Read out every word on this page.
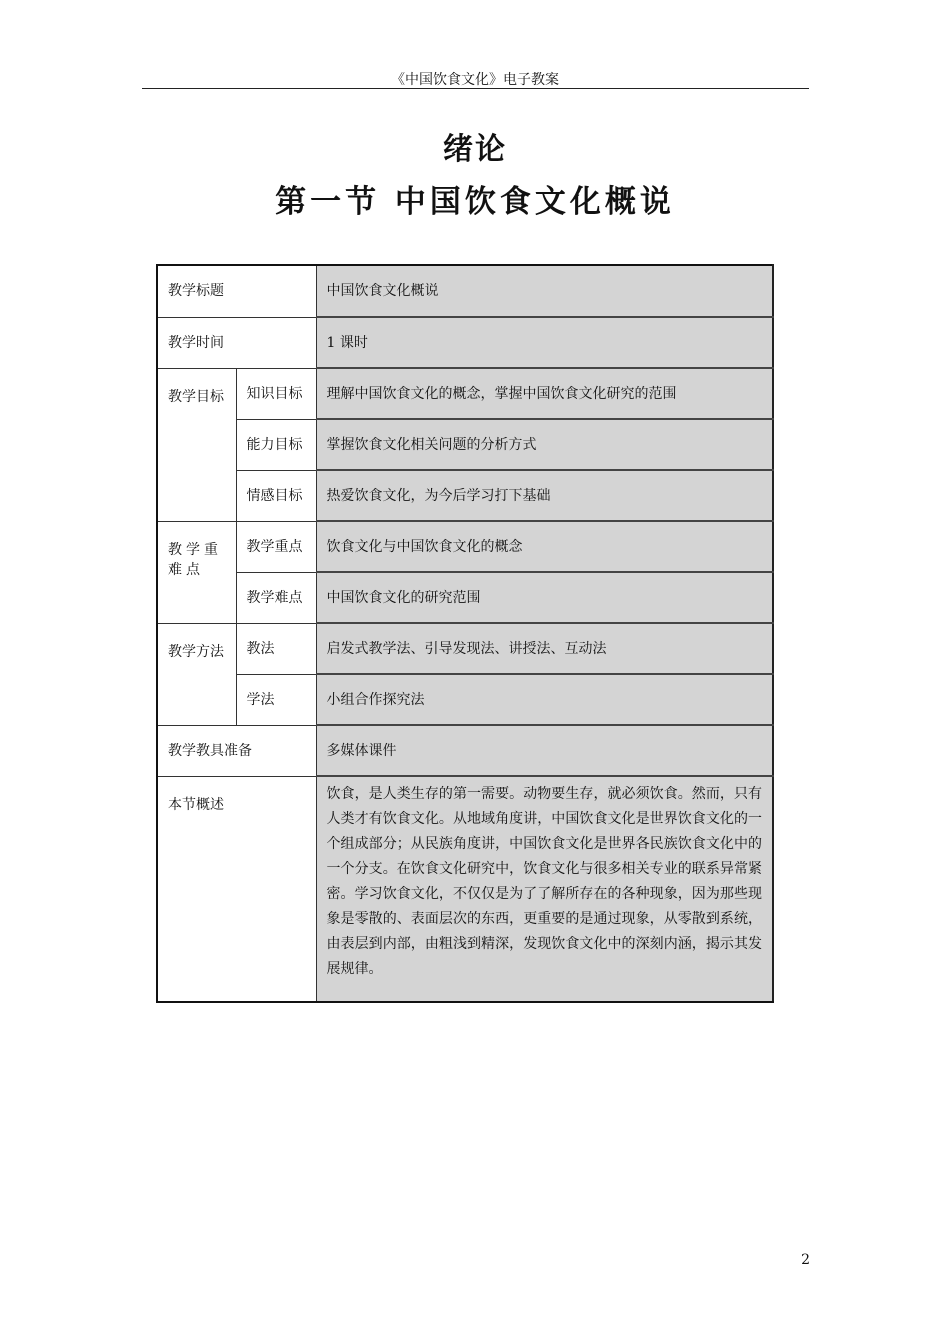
《中国饮食文化》电子教案
绪论
第一节 中国饮食文化概说
教学标题		中国饮食文化概说
教学时间		1 课时
教学目标	知识目标	理解中国饮食文化的概念，掌握中国饮食文化研究的范围
	能力目标	掌握饮食文化相关问题的分析方式
	情感目标	热爱饮食文化，为今后学习打下基础
教学重难点	教学重点	饮食文化与中国饮食文化的概念
	教学难点	中国饮食文化的研究范围
教学方法	教法	启发式教学法、引导发现法、讲授法、互动法
	学法	小组合作探究法
教学教具准备		多媒体课件
本节概述		饮食，是人类生存的第一需要。动物要生存，就必须饮食。然而，只有人类才有饮食文化。从地域角度讲，中国饮食文化是世界饮食文化的一个组成部分；从民族角度讲，中国饮食文化是世界各民族饮食文化中的一个分支。在饮食文化研究中，饮食文化与很多相关专业的联系异常紧密。学习饮食文化，不仅仅是为了了解所存在的各种现象，因为那些现象是零散的、表面层次的东西，更重要的是通过现象，从零散到系统，由表层到内部，由粗浅到精深，发现饮食文化中的深刻内涵，揭示其发展规律。
2
